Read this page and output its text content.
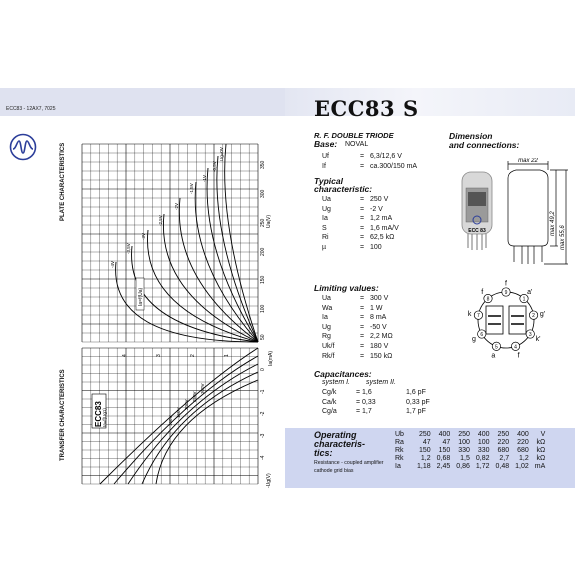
ECC83 - 12AX7, 7025	ECC83 S
PLATE CHARACTERISTICS
TRANSFER CHARACTERISTICS
Ia=f(Ua)
ECC83 Ia=f(Ug1)
Ua(V)
Ia(mA)
-Ug(V)
350
300
250
200
150
100
50
4	3	2	1
0
-1
-2
-3
-4
Ug=0V
-0,5V
-1V
-1,5V
-2V
-2,5V
-3V
-3,5V
-4V
300V
250V
200V
150V
100V
R. F. DOUBLE TRIODE
Base: NOVAL
Uf	= 6,3/12,6 V
If	= ca.300/150 mA
Typical
characteristic:
Ua	= 250 V
Ug	= -2 V
Ia	= 1,2 mA
S	= 1,6 mA/V
Ri	= 62,5 kΩ
µ	= 100
Limiting values:
Ua	= 300 V
Wa	= 1 W
Ia	= 8 mA
Ug	= -50 V
Rg	= 2,2 MΩ
Uk/f	= 180 V
Rk/f	= 150 kΩ
Capacitances:
system I.	system II.
Cg/k	= 1,6	1,6 pF
Ca/k	= 0,33	0,33 pF
Cg/a	= 1,7	1,7 pF
Dimension
and connections:
ECC 83
max 22
max 49,2
max 55,6
9
f
1
a'
2 g'
3
k'
4
f
5
a
6
g
7
k
8
f
Operating
characteris-
tics:
Resistance - coupled amplifier
cathode grid bias
Ub	250	400	250	400	250	400	V
Ra	47	47	100	100	220	220	kΩ
Rk	150	150	330	330	680	680	kΩ
Rk	1,2	0,68	1,5	0,82	2,7	1,2	kΩ
Ia	1,18	2,45	0,86	1,72	0,48	1,02	mA
